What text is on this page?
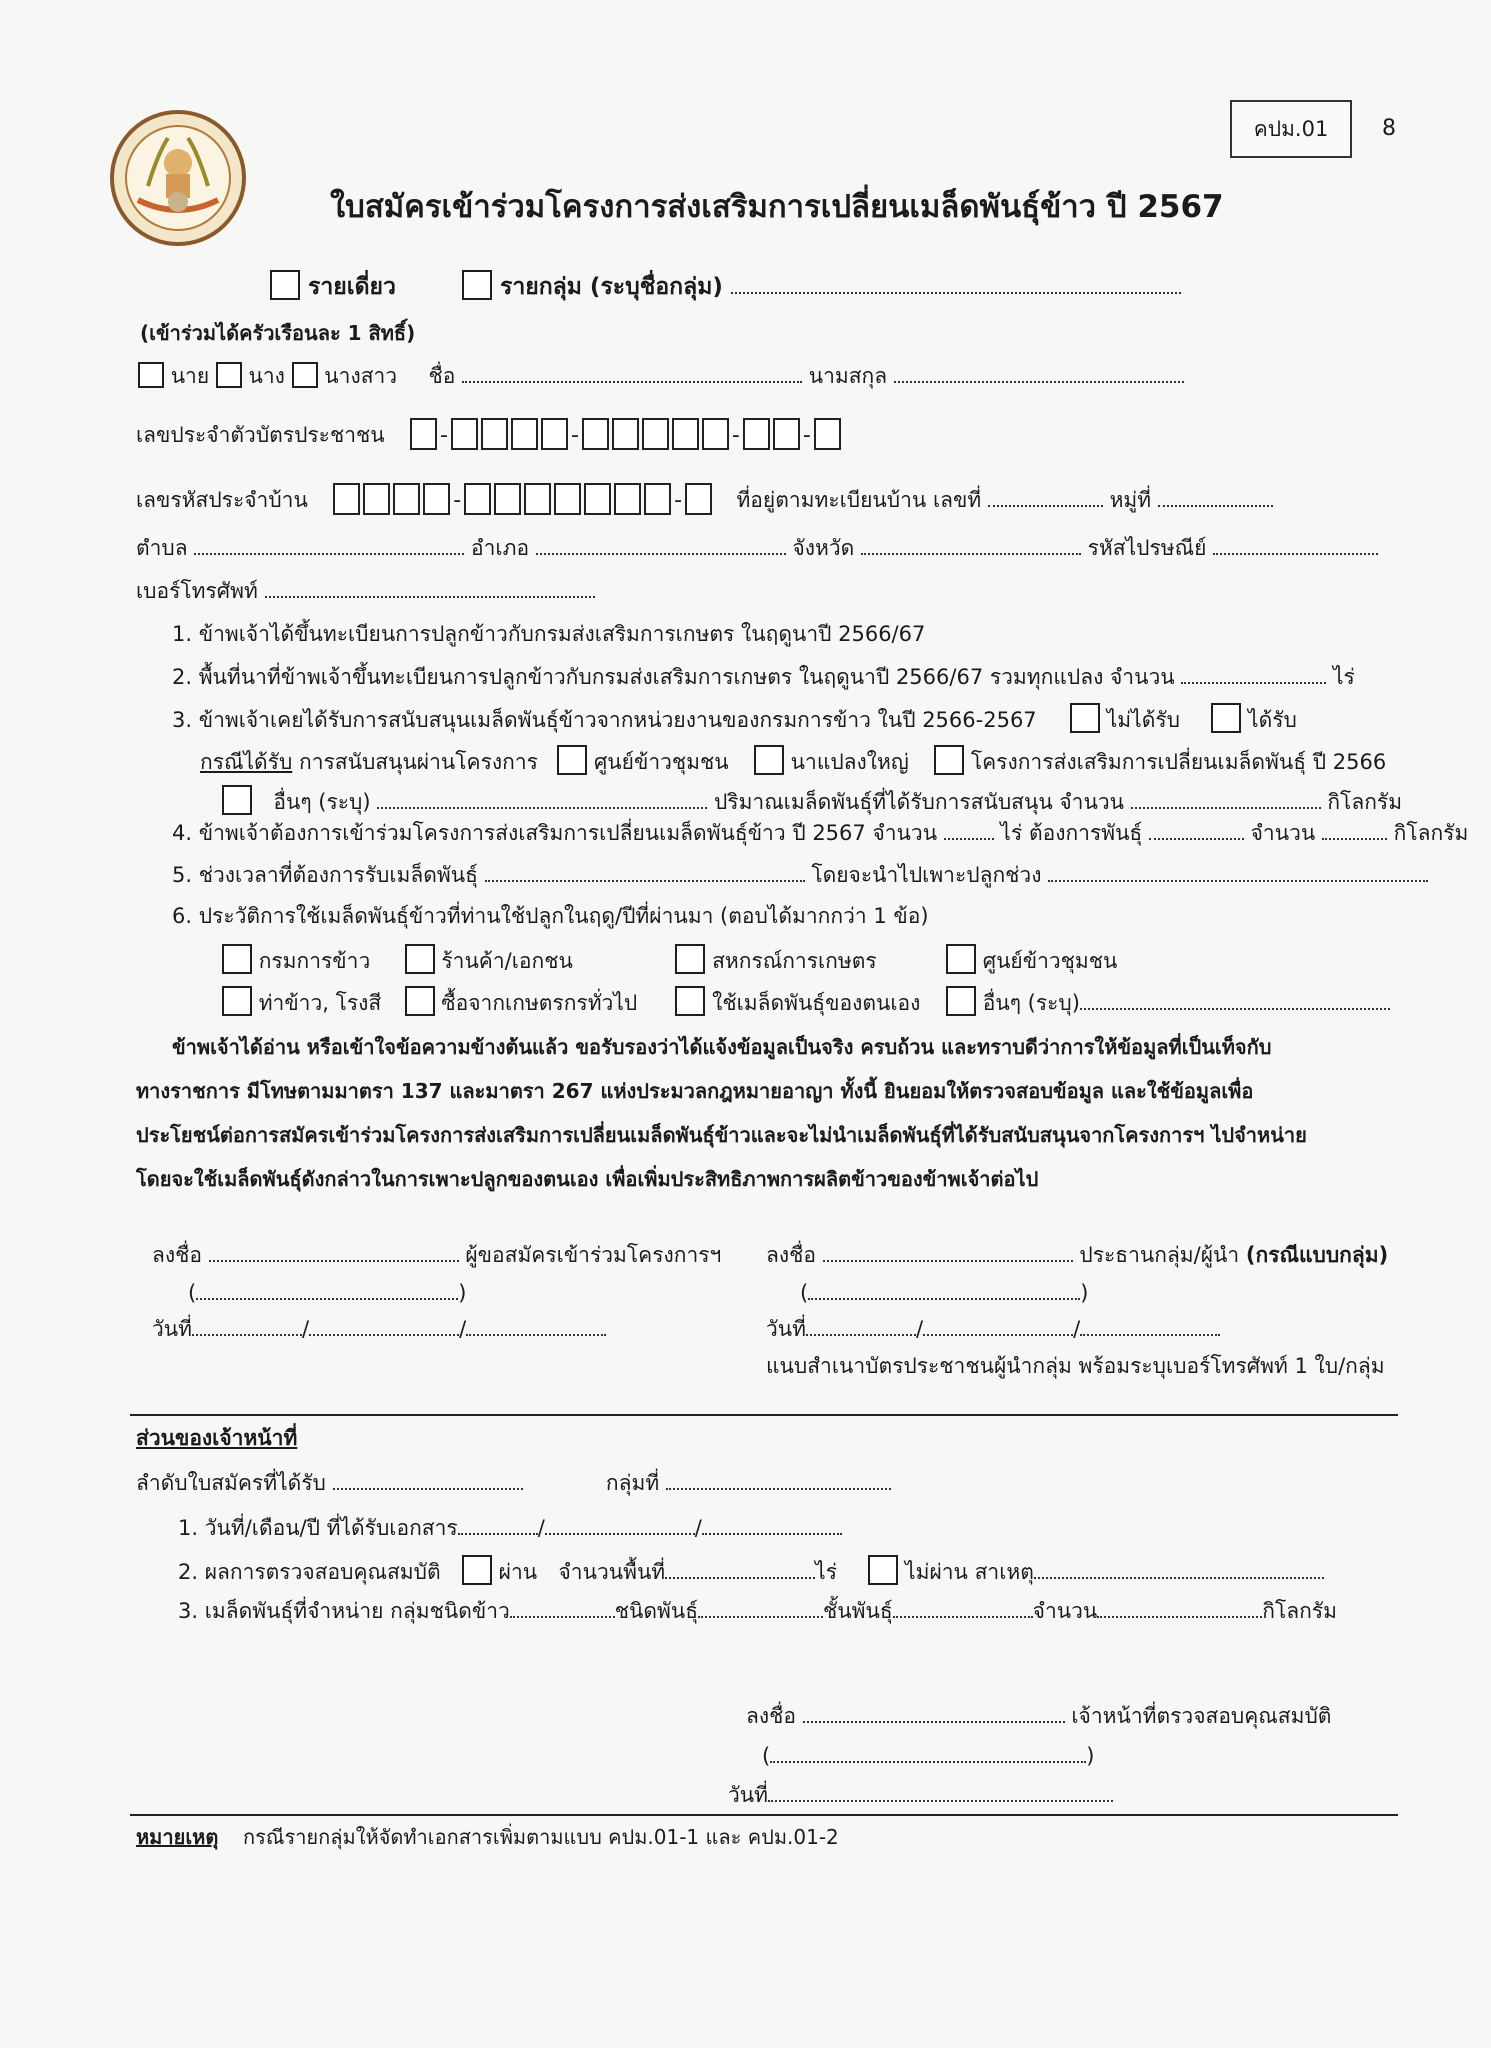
คปม.01 8
ใบสมัครเข้าร่วมโครงการส่งเสริมการเปลี่ยนเมล็ดพันธุ์ข้าว ปี 2567
รายเดี่ยว	รายกลุ่ม (ระบุชื่อกลุ่ม)
(เข้าร่วมได้ครัวเรือนละ 1 สิทธิ์)
นาย นาง นางสาว ชื่อ	นามสกุล
เลขประจำตัวบัตรประชาชน	-	-	-	-
เลขรหัสประจำบ้าน	-	-	ที่อยู่ตามทะเบียนบ้าน เลขที่	หมู่ที่
ตำบล	อำเภอ	จังหวัด	รหัสไปรษณีย์
เบอร์โทรศัพท์
1. ข้าพเจ้าได้ขึ้นทะเบียนการปลูกข้าวกับกรมส่งเสริมการเกษตร ในฤดูนาปี 2566/67
2. พื้นที่นาที่ข้าพเจ้าขึ้นทะเบียนการปลูกข้าวกับกรมส่งเสริมการเกษตร ในฤดูนาปี 2566/67 รวมทุกแปลง จำนวน	ไร่
3. ข้าพเจ้าเคยได้รับการสนับสนุนเมล็ดพันธุ์ข้าวจากหน่วยงานของกรมการข้าว ในปี 2566-2567	ไม่ได้รับ	ได้รับ
กรณีได้รับ การสนับสนุนผ่านโครงการ	ศูนย์ข้าวชุมชน	นาแปลงใหญ่	โครงการส่งเสริมการเปลี่ยนเมล็ดพันธุ์ ปี 2566
อื่นๆ (ระบุ)	ปริมาณเมล็ดพันธุ์ที่ได้รับการสนับสนุน จำนวน	กิโลกรัม
4. ข้าพเจ้าต้องการเข้าร่วมโครงการส่งเสริมการเปลี่ยนเมล็ดพันธุ์ข้าว ปี 2567 จำนวน	ไร่ ต้องการพันธุ์	จำนวน	กิโลกรัม
5. ช่วงเวลาที่ต้องการรับเมล็ดพันธุ์	โดยจะนำไปเพาะปลูกช่วง
6. ประวัติการใช้เมล็ดพันธุ์ข้าวที่ท่านใช้ปลูกในฤดู/ปีที่ผ่านมา (ตอบได้มากกว่า 1 ข้อ)
กรมการข้าว	ร้านค้า/เอกชน	สหกรณ์การเกษตร	ศูนย์ข้าวชุมชน
ท่าข้าว, โรงสี	ซื้อจากเกษตรกรทั่วไป	ใช้เมล็ดพันธุ์ของตนเอง	อื่นๆ (ระบุ)
ข้าพเจ้าได้อ่าน หรือเข้าใจข้อความข้างต้นแล้ว ขอรับรองว่าได้แจ้งข้อมูลเป็นจริง ครบถ้วน และทราบดีว่าการให้ข้อมูลที่เป็นเท็จกับ
ทางราชการ มีโทษตามมาตรา 137 และมาตรา 267 แห่งประมวลกฎหมายอาญา ทั้งนี้ ยินยอมให้ตรวจสอบข้อมูล และใช้ข้อมูลเพื่อ
ประโยชน์ต่อการสมัครเข้าร่วมโครงการส่งเสริมการเปลี่ยนเมล็ดพันธุ์ข้าวและจะไม่นำเมล็ดพันธุ์ที่ได้รับสนับสนุนจากโครงการฯ ไปจำหน่าย
โดยจะใช้เมล็ดพันธุ์ดังกล่าวในการเพาะปลูกของตนเอง เพื่อเพิ่มประสิทธิภาพการผลิตข้าวของข้าพเจ้าต่อไป
ลงชื่อ	ผู้ขอสมัครเข้าร่วมโครงการฯ
(	)
วันที่	/	/
ลงชื่อ	ประธานกลุ่ม/ผู้นำ (กรณีแบบกลุ่ม)
(	)
วันที่	/	/
แนบสำเนาบัตรประชาชนผู้นำกลุ่ม พร้อมระบุเบอร์โทรศัพท์ 1 ใบ/กลุ่ม
ส่วนของเจ้าหน้าที่
ลำดับใบสมัครที่ได้รับ	กลุ่มที่
1. วันที่/เดือน/ปี ที่ได้รับเอกสาร	/	/
2. ผลการตรวจสอบคุณสมบัติ	ผ่าน จำนวนพื้นที่	ไร่	ไม่ผ่าน สาเหตุ
3. เมล็ดพันธุ์ที่จำหน่าย กลุ่มชนิดข้าว	ชนิดพันธุ์	ชั้นพันธุ์	จำนวน	กิโลกรัม
ลงชื่อ	เจ้าหน้าที่ตรวจสอบคุณสมบัติ
(	)
วันที่
หมายเหตุ กรณีรายกลุ่มให้จัดทำเอกสารเพิ่มตามแบบ คปม.01-1 และ คปม.01-2
